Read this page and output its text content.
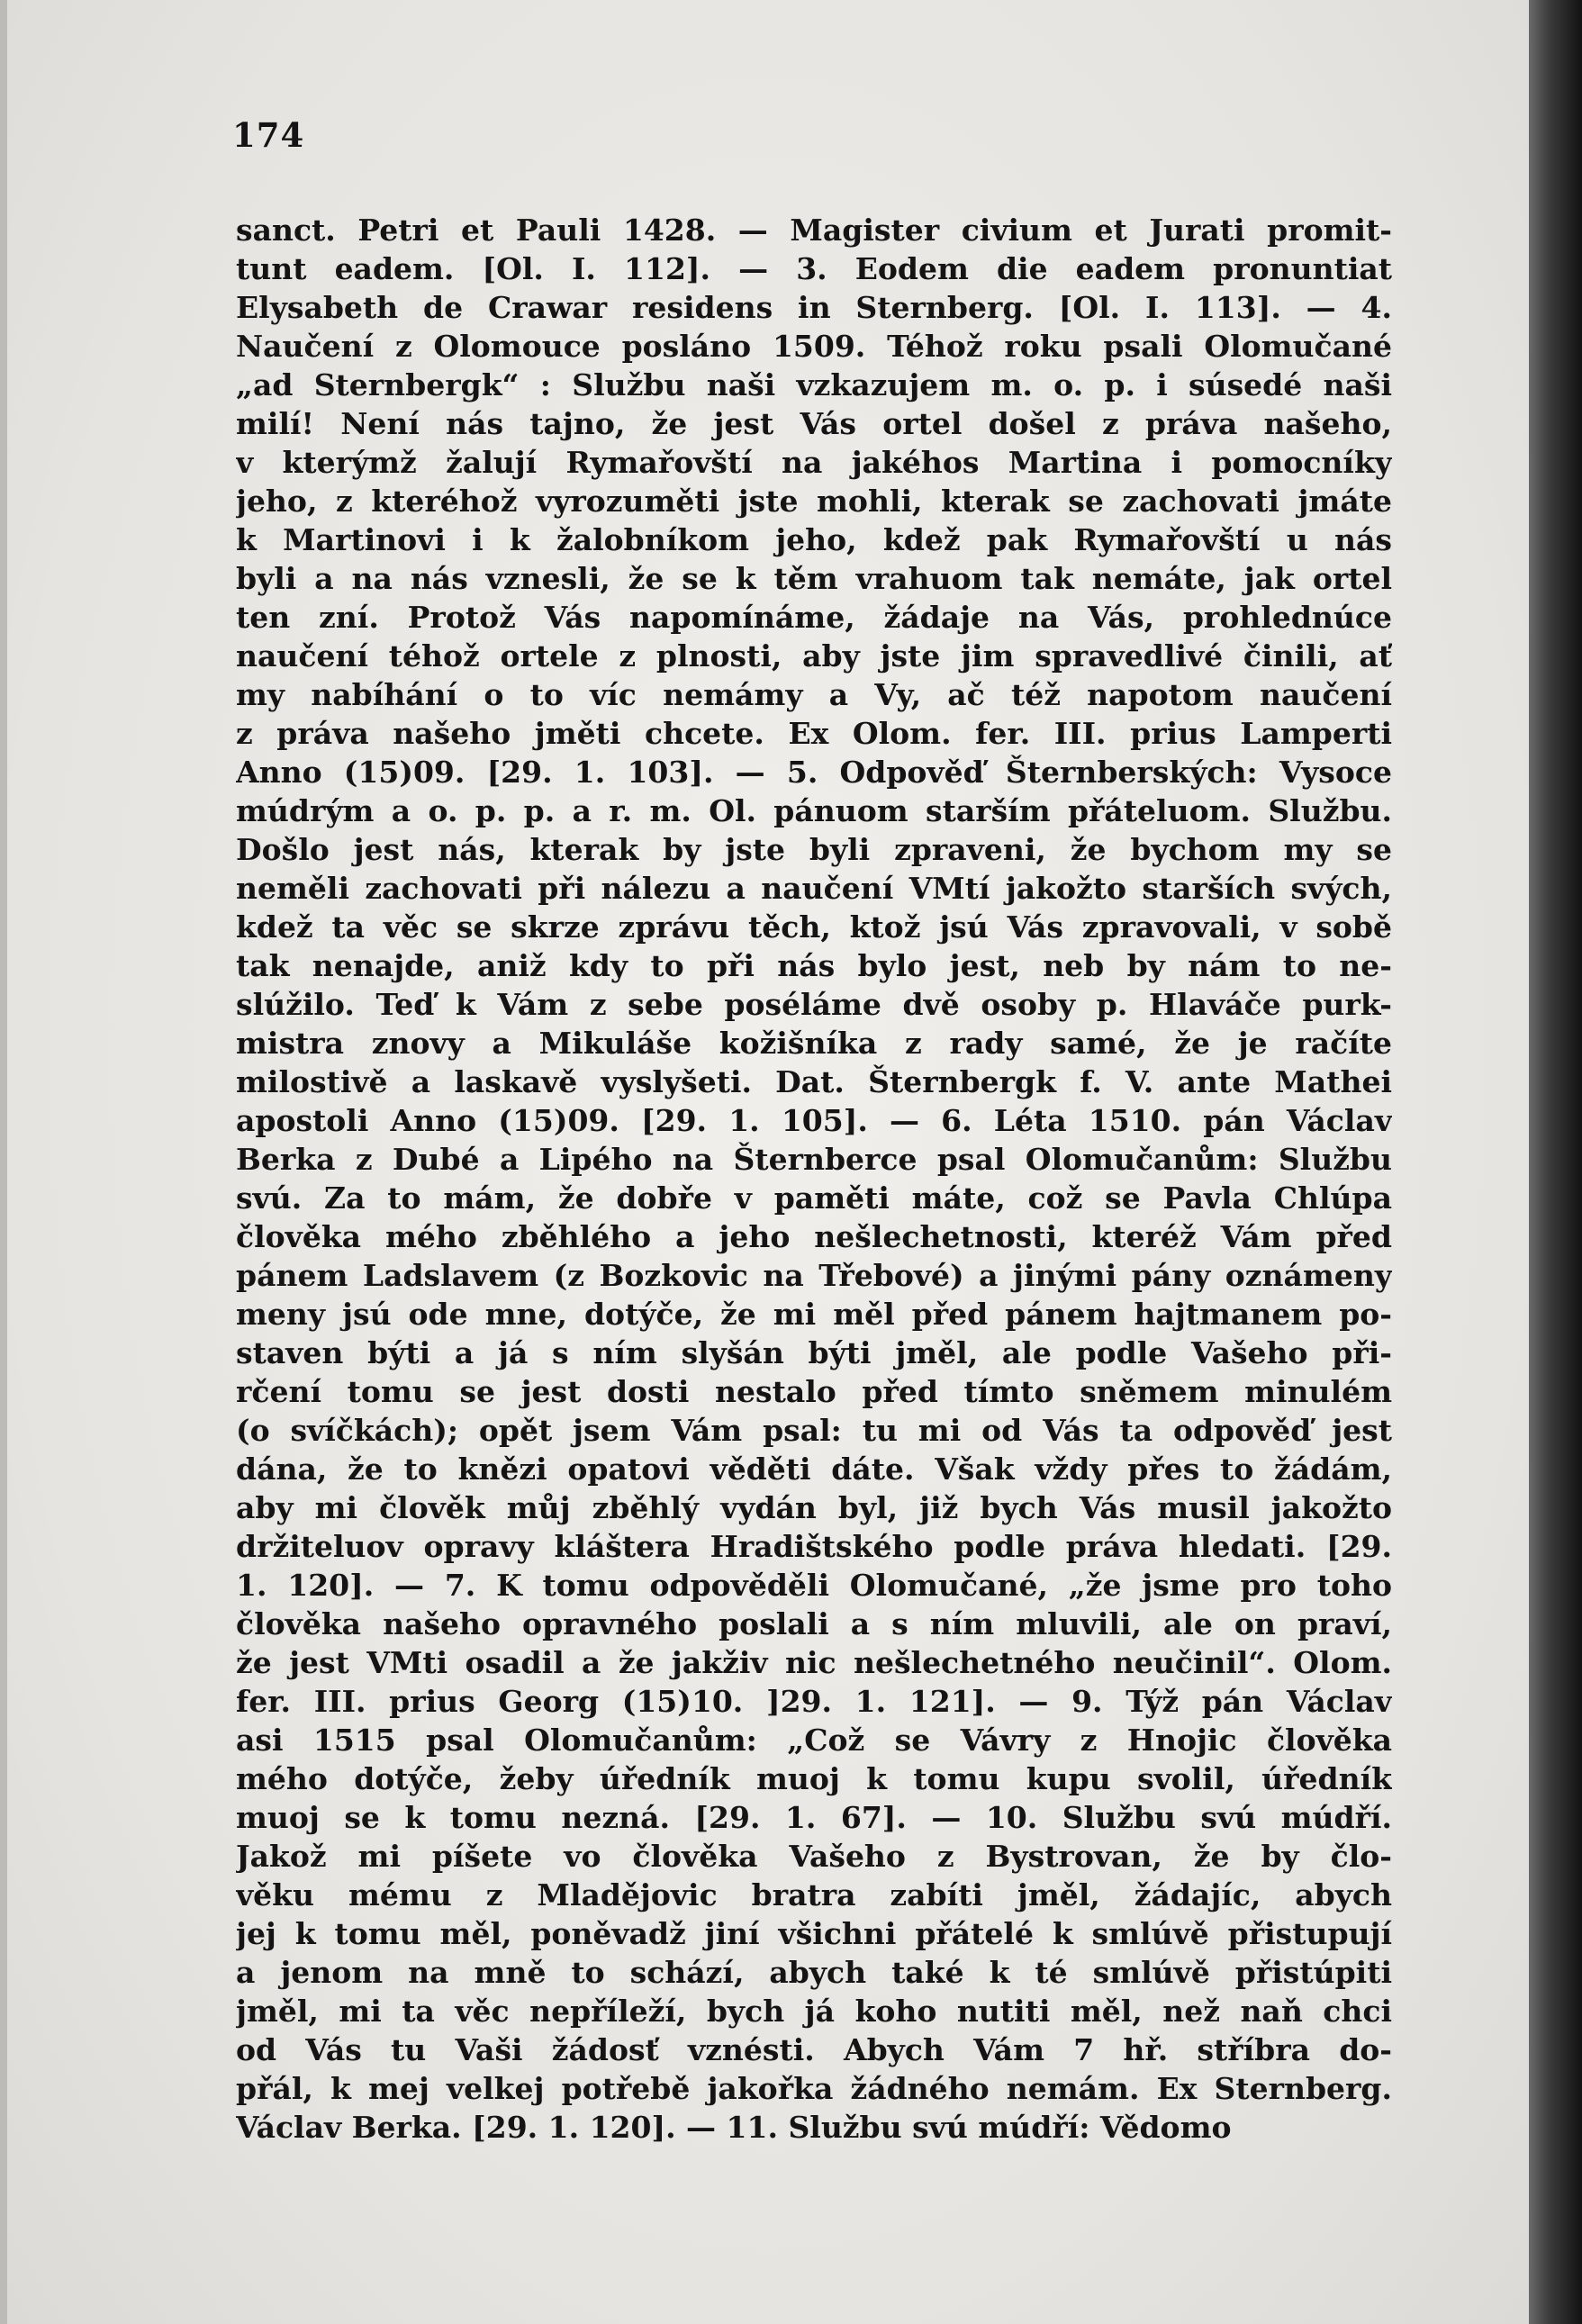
174
sanct. Petri et Pauli 1428. — Magister civium et Jurati promit-
tunt eadem. [Ol. I. 112]. — 3. Eodem die eadem pronuntiat
Elysabeth de Crawar residens in Sternberg. [Ol. I. 113]. — 4.
Naučení z Olomouce posláno 1509. Téhož roku psali Olomučané
„ad Sternbergk“ : Službu naši vzkazujem m. o. p. i súsedé naši
milí! Není nás tajno, že jest Vás ortel došel z práva našeho,
v kterýmž žalují Rymařovští na jakéhos Martina i pomocníky
jeho, z kteréhož vyrozuměti jste mohli, kterak se zachovati jmáte
k Martinovi i k žalobníkom jeho, kdež pak Rymařovští u nás
byli a na nás vznesli, že se k těm vrahuom tak nemáte, jak ortel
ten zní. Protož Vás napomínáme, žádaje na Vás, prohlednúce
naučení téhož ortele z plnosti, aby jste jim spravedlivé činili, ať
my nabíhání o to víc nemámy a Vy, ač též napotom naučení
z práva našeho jměti chcete. Ex Olom. fer. III. prius Lamperti
Anno (15)09. [29. 1. 103]. — 5. Odpověď Šternberských: Vysoce
múdrým a o. p. p. a r. m. Ol. pánuom starším přáteluom. Službu.
Došlo jest nás, kterak by jste byli zpraveni, že bychom my se
neměli zachovati při nálezu a naučení VMtí jakožto starších svých,
kdež ta věc se skrze zprávu těch, ktož jsú Vás zpravovali, v sobě
tak nenajde, aniž kdy to při nás bylo jest, neb by nám to ne-
slúžilo. Teď k Vám z sebe poséláme dvě osoby p. Hlaváče purk-
mistra znovy a Mikuláše kožišníka z rady samé, že je račíte
milostivě a laskavě vyslyšeti. Dat. Šternbergk f. V. ante Mathei
apostoli Anno (15)09. [29. 1. 105]. — 6. Léta 1510. pán Václav
Berka z Dubé a Lipého na Šternberce psal Olomučanům: Službu
svú. Za to mám, že dobře v paměti máte, což se Pavla Chlúpa
člověka mého zběhlého a jeho nešlechetnosti, kteréž Vám před
pánem Ladslavem (z Bozkovic na Třebové) a jinými pány oznámeny
meny jsú ode mne, dotýče, že mi měl před pánem hajtmanem po-
staven býti a já s ním slyšán býti jměl, ale podle Vašeho při-
rčení tomu se jest dosti nestalo před tímto sněmem minulém
(o svíčkách); opět jsem Vám psal: tu mi od Vás ta odpověď jest
dána, že to knězi opatovi věděti dáte. Však vždy přes to žádám,
aby mi člověk můj zběhlý vydán byl, již bych Vás musil jakožto
držiteluov opravy kláštera Hradištského podle práva hledati. [29.
1. 120]. — 7. K tomu odpověděli Olomučané, „že jsme pro toho
člověka našeho opravného poslali a s ním mluvili, ale on praví,
že jest VMti osadil a že jakživ nic nešlechetného neučinil“. Olom.
fer. III. prius Georg (15)10. ]29. 1. 121]. — 9. Týž pán Václav
asi 1515 psal Olomučanům: „Což se Vávry z Hnojic člověka
mého dotýče, žeby úředník muoj k tomu kupu svolil, úředník
muoj se k tomu nezná. [29. 1. 67]. — 10. Službu svú múdří.
Jakož mi píšete vo člověka Vašeho z Bystrovan, že by člo-
věku mému z Mladějovic bratra zabíti jměl, žádajíc, abych
jej k tomu měl, poněvadž jiní všichni přátelé k smlúvě přistupují
a jenom na mně to schází, abych také k té smlúvě přistúpiti
jměl, mi ta věc nepříleží, bych já koho nutiti měl, než naň chci
od Vás tu Vaši žádosť vznésti. Abych Vám 7 hř. stříbra do-
přál, k mej velkej potřebě jakořka žádného nemám. Ex Sternberg.
Václav Berka. [29. 1. 120]. — 11. Službu svú múdří: Vědomo
